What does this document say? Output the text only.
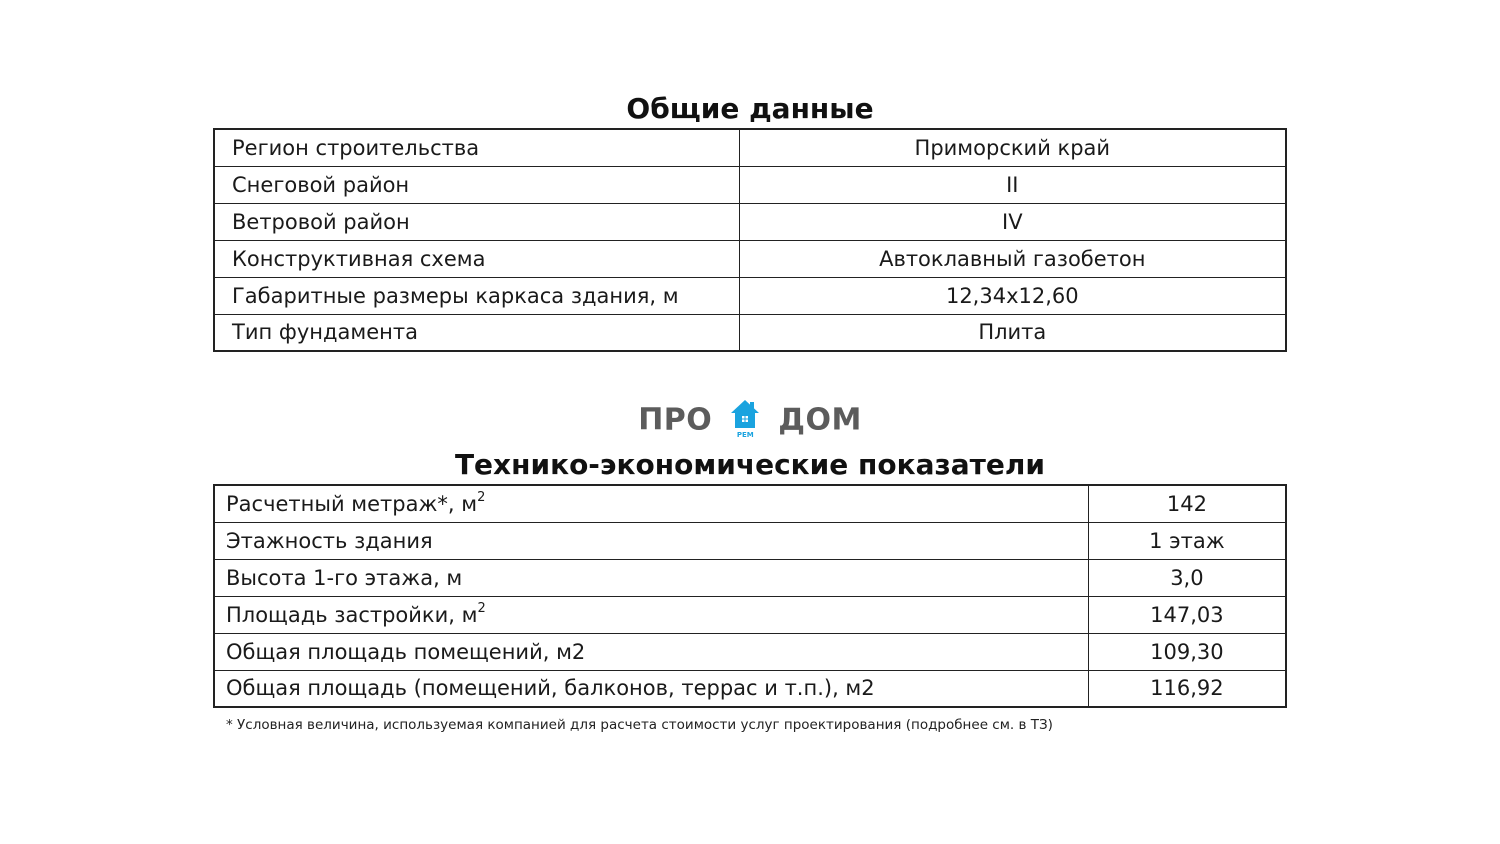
Общие данные
Регион строительства	Приморский край
Снеговой район	II
Ветровой район	IV
Конструктивная схема	Автоклавный газобетон
Габаритные размеры каркаса здания, м	12,34x12,60
Тип фундамента	Плита
ПРО	РЕМ ДОМ
Технико-экономические показатели
Расчетный метраж*, $м^2$	142
Этажность здания	1 этаж
Высота 1-го этажа, м	3,0
Площадь застройки, $м^2$	147,03
Общая площадь помещений, м2	109,30
Общая площадь (помещений, балконов, террас и т.п.), м2	116,92
* Условная величина, используемая компанией для расчета стоимости услуг проектирования (подробнее см. в ТЗ)
